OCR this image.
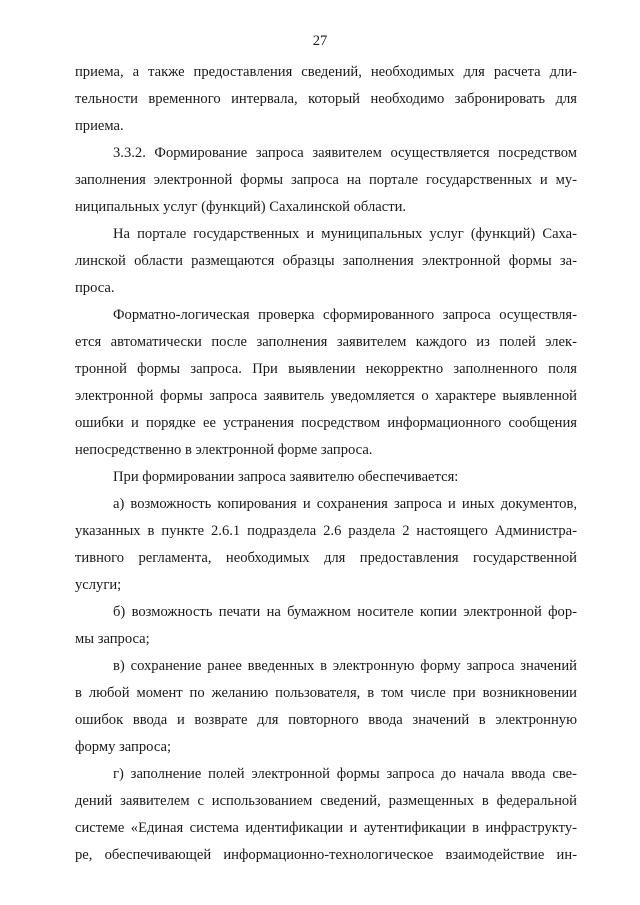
27
приема, а также предоставления сведений, необходимых для расчета дли-
тельности временного интервала, который необходимо забронировать для
приема.
3.3.2. Формирование запроса заявителем осуществляется посредством
заполнения электронной формы запроса на портале государственных и му-
ниципальных услуг (функций) Сахалинской области.
На портале государственных и муниципальных услуг (функций) Саха-
линской области размещаются образцы заполнения электронной формы за-
проса.
Форматно-логическая проверка сформированного запроса осуществля-
ется автоматически после заполнения заявителем каждого из полей элек-
тронной формы запроса. При выявлении некорректно заполненного поля
электронной формы запроса заявитель уведомляется о характере выявленной
ошибки и порядке ее устранения посредством информационного сообщения
непосредственно в электронной форме запроса.
При формировании запроса заявителю обеспечивается:
а) возможность копирования и сохранения запроса и иных документов,
указанных в пункте 2.6.1 подраздела 2.6 раздела 2 настоящего Администра-
тивного регламента, необходимых для предоставления государственной
услуги;
б) возможность печати на бумажном носителе копии электронной фор-
мы запроса;
в) сохранение ранее введенных в электронную форму запроса значений
в любой момент по желанию пользователя, в том числе при возникновении
ошибок ввода и возврате для повторного ввода значений в электронную
форму запроса;
г) заполнение полей электронной формы запроса до начала ввода све-
дений заявителем с использованием сведений, размещенных в федеральной
системе «Единая система идентификации и аутентификации в инфраструкту-
ре, обеспечивающей информационно-технологическое взаимодействие ин-
